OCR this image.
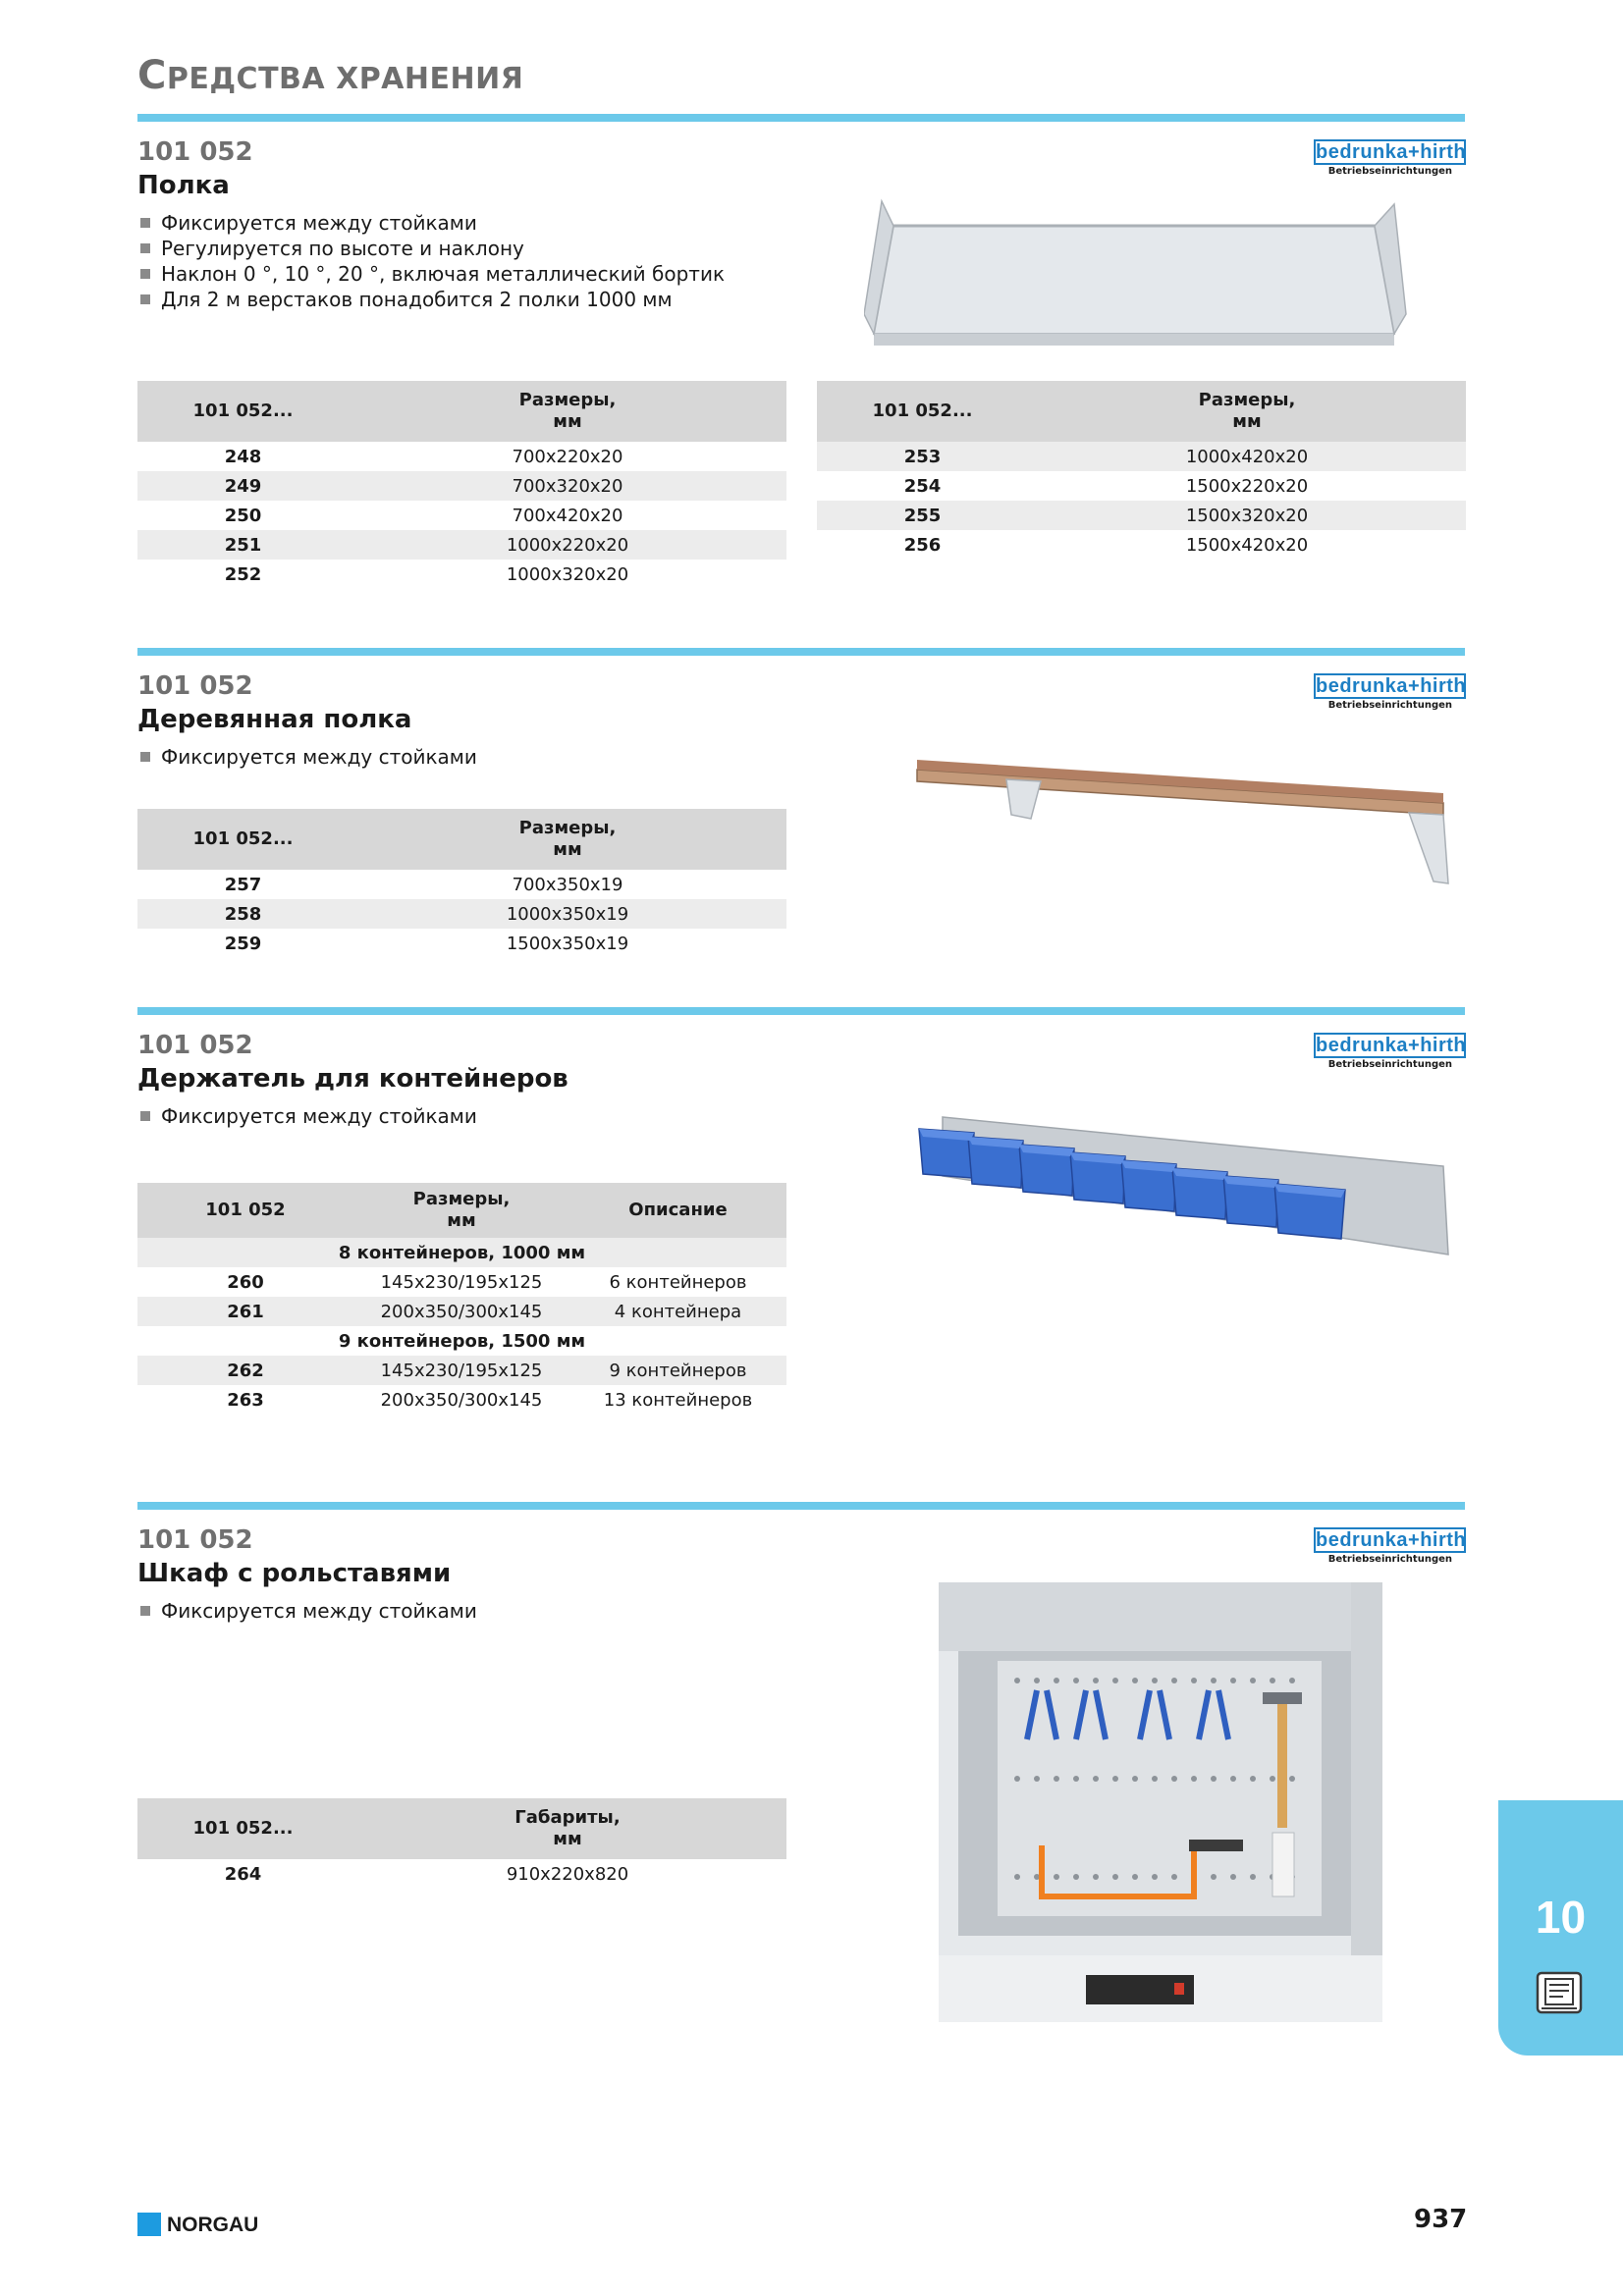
СРЕДСТВА ХРАНЕНИЯ
101 052
Полка
Фиксируется между стойками
Регулируется по высоте и наклону
Наклон 0 °, 10 °, 20 °, включая металлический бортик
Для 2 м верстаков понадобится 2 полки 1000 мм
bedrunka+hirth
Betriebseinrichtungen
101 052...	Размеры,
мм
248	700x220x20
249	700x320x20
250	700x420x20
251	1000x220x20
252	1000x320x20
101 052...	Размеры,
мм
253	1000x420x20
254	1500x220x20
255	1500x320x20
256	1500x420x20
101 052
Деревянная полка
Фиксируется между стойками
bedrunka+hirth
Betriebseinrichtungen
101 052...	Размеры,
мм
257	700x350x19
258	1000x350x19
259	1500x350x19
101 052
Держатель для контейнеров
Фиксируется между стойками
bedrunka+hirth
Betriebseinrichtungen
101 052	Размеры,
мм	Описание
8 контейнеров, 1000 мм		
260	145x230/195x125	6 контейнеров
261	200x350/300x145	4 контейнера
9 контейнеров, 1500 мм		
262	145x230/195x125	9 контейнеров
263	200x350/300x145	13 контейнеров
101 052
Шкаф с рольставями
Фиксируется между стойками
bedrunka+hirth
Betriebseinrichtungen
101 052...	Габариты,
мм
264	910x220x820
10
NORGAU	937
